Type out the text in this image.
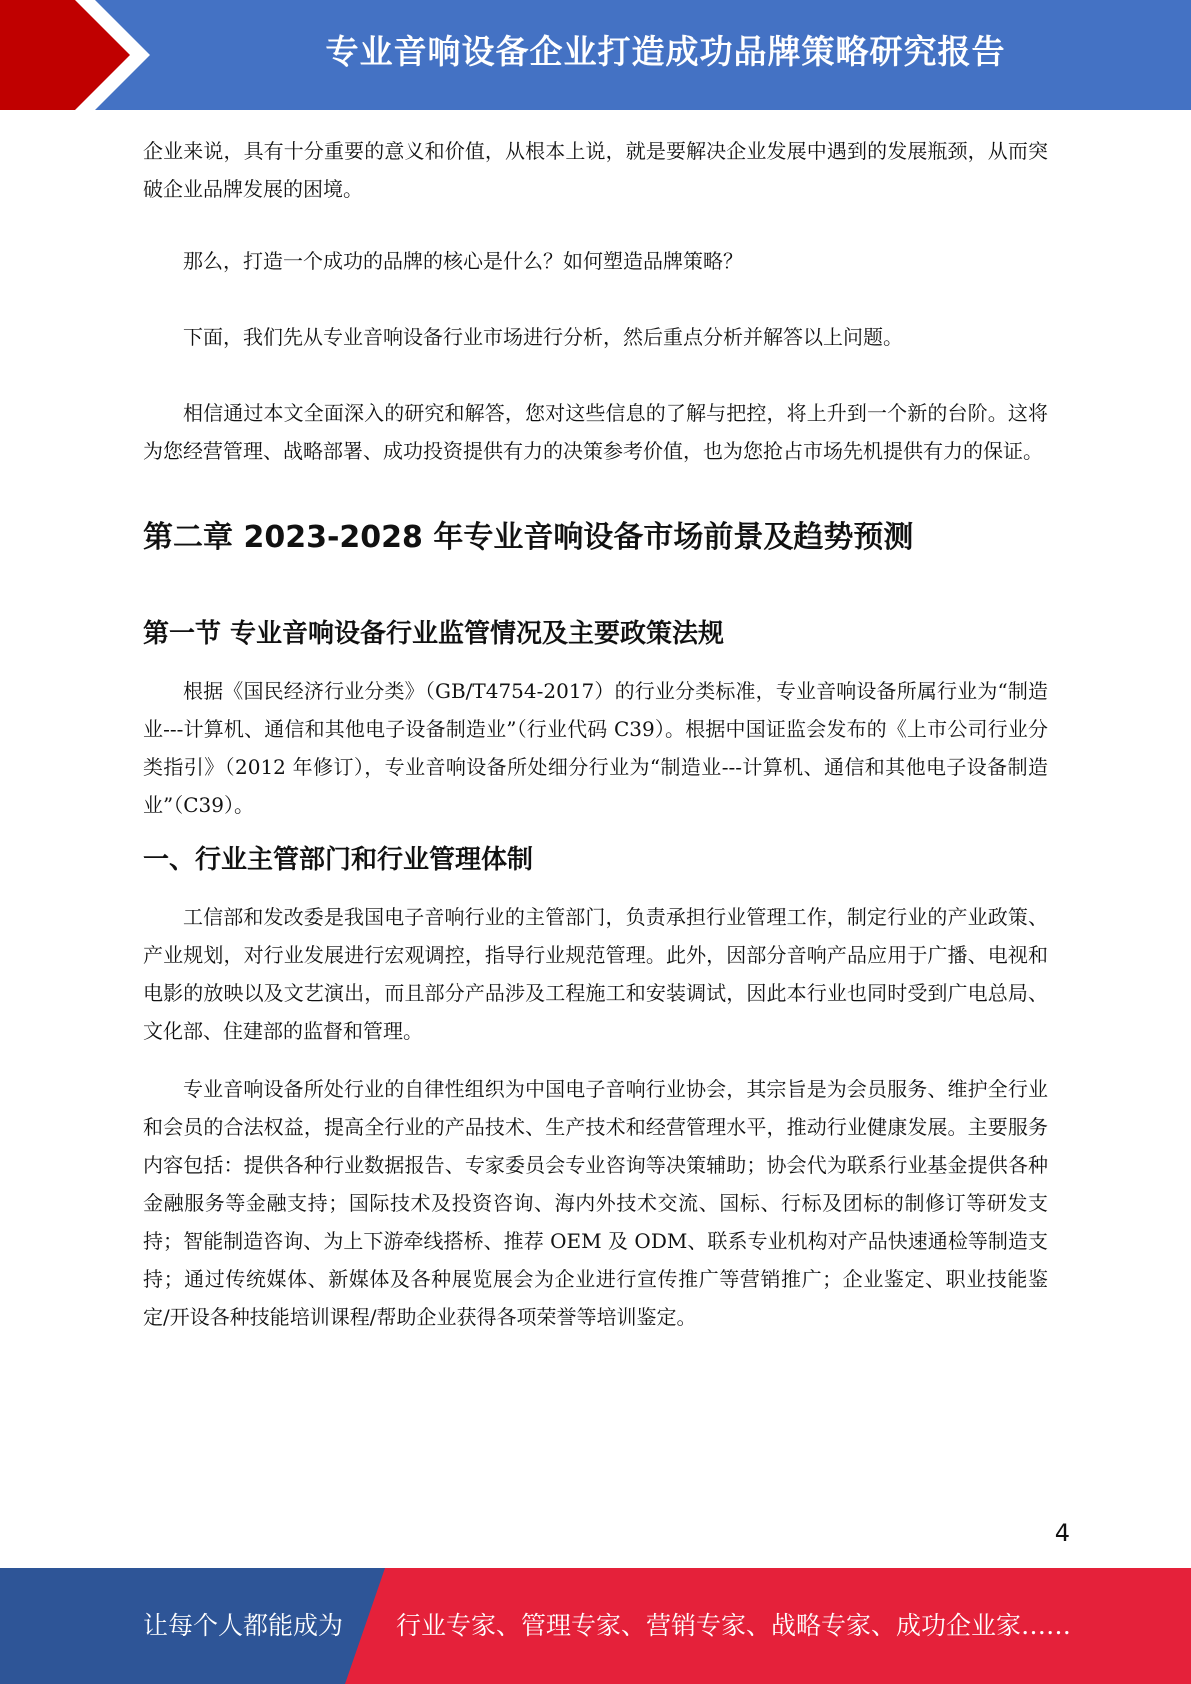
专业音响设备企业打造成功品牌策略研究报告

企业来说，具有十分重要的意义和价值，从根本上说，就是要解决企业发展中遇到的发展瓶颈，从而突破企业品牌发展的困境。

那么，打造一个成功的品牌的核心是什么？如何塑造品牌策略？

下面，我们先从专业音响设备行业市场进行分析，然后重点分析并解答以上问题。

相信通过本文全面深入的研究和解答，您对这些信息的了解与把控，将上升到一个新的台阶。这将为您经营管理、战略部署、成功投资提供有力的决策参考价值，也为您抢占市场先机提供有力的保证。

第二章 2023-2028 年专业音响设备市场前景及趋势预测
第一节 专业音响设备行业监管情况及主要政策法规

根据《国民经济行业分类》（GB/T4754-2017）的行业分类标准，专业音响设备所属行业为“制造业---计算机、通信和其他电子设备制造业”（行业代码 C39）。根据中国证监会发布的《上市公司行业分类指引》（2012 年修订），专业音响设备所处细分行业为“制造业---计算机、通信和其他电子设备制造业”（C39）。

一、行业主管部门和行业管理体制

工信部和发改委是我国电子音响行业的主管部门，负责承担行业管理工作，制定行业的产业政策、产业规划，对行业发展进行宏观调控，指导行业规范管理。此外，因部分音响产品应用于广播、电视和电影的放映以及文艺演出，而且部分产品涉及工程施工和安装调试，因此本行业也同时受到广电总局、文化部、住建部的监督和管理。

专业音响设备所处行业的自律性组织为中国电子音响行业协会，其宗旨是为会员服务、维护全行业和会员的合法权益，提高全行业的产品技术、生产技术和经营管理水平，推动行业健康发展。主要服务内容包括：提供各种行业数据报告、专家委员会专业咨询等决策辅助；协会代为联系行业基金提供各种金融服务等金融支持；国际技术及投资咨询、海内外技术交流、国标、行标及团标的制修订等研发支持；智能制造咨询、为上下游牵线搭桥、推荐 OEM 及 ODM、联系专业机构对产品快速通检等制造支持；通过传统媒体、新媒体及各种展览展会为企业进行宣传推广等营销推广；企业鉴定、职业技能鉴定/开设各种技能培训课程/帮助企业获得各项荣誉等培训鉴定。

4
让每个人都能成为 行业专家、管理专家、营销专家、战略专家、成功企业家……
